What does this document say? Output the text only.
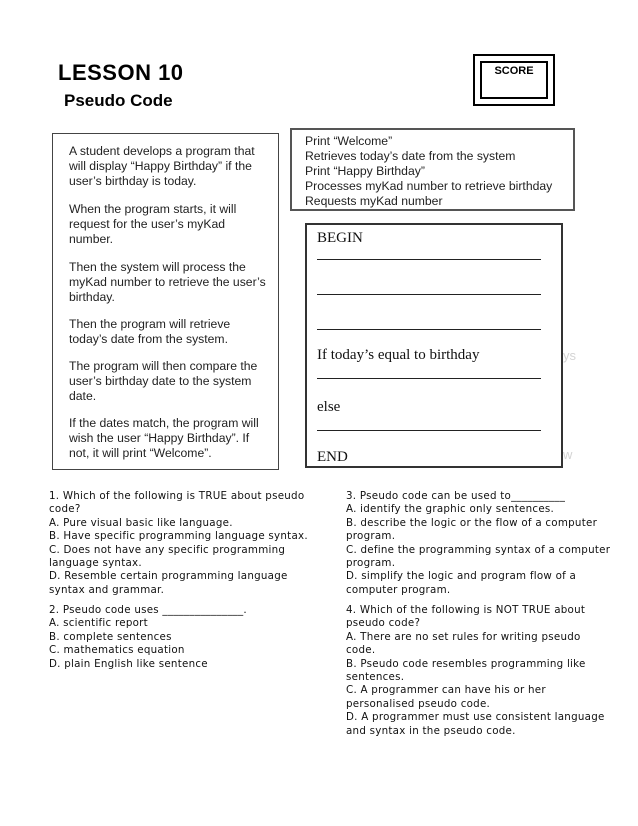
LESSON 10
Pseudo Code
SCORE
A student develops a program that
will display “Happy Birthday” if the
user’s birthday is today.
When the program starts, it will
request for the user’s myKad
number.
Then the system will process the
myKad number to retrieve the user’s
birthday.
Then the program will retrieve
today’s date from the system.
The program will then compare the
user’s birthday date to the system
date.
If the dates match, the program will
wish the user “Happy Birthday”. If
not, it will print “Welcome”.
Print “Welcome”
Retrieves today’s date from the system
Print “Happy Birthday”
Processes myKad number to retrieve birthday
Requests myKad number
BEGIN
If today’s equal to birthday
else
END
ys
w
1. Which of the following is TRUE about pseudo
code?
A. Pure visual basic like language.
B. Have specific programming language syntax.
C. Does not have any specific programming
language syntax.
D. Resemble certain programming language
syntax and grammar.
2. Pseudo code uses _______________.
A. scientific report
B. complete sentences
C. mathematics equation
D. plain English like sentence
3. Pseudo code can be used to__________
A. identify the graphic only sentences.
B. describe the logic or the flow of a computer
program.
C. define the programming syntax of a computer
program.
D. simplify the logic and program flow of a
computer program.
4. Which of the following is NOT TRUE about
pseudo code?
A. There are no set rules for writing pseudo
code.
B. Pseudo code resembles programming like
sentences.
C. A programmer can have his or her
personalised pseudo code.
D. A programmer must use consistent language
and syntax in the pseudo code.
